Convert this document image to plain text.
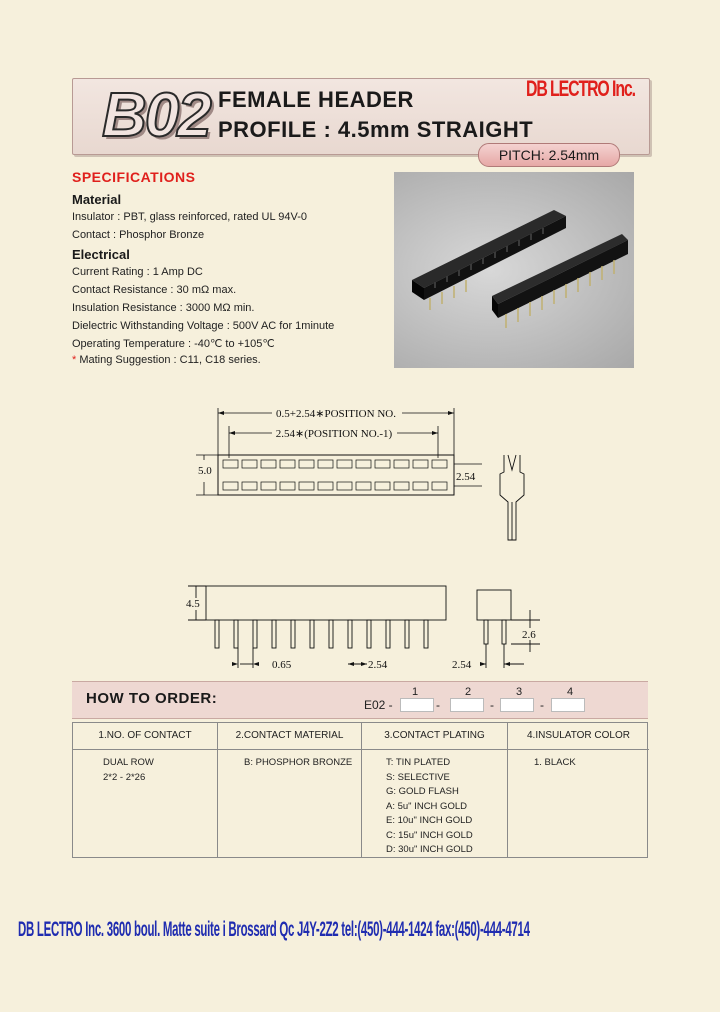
B02 FEMALE HEADER
PROFILE : 4.5mm STRAIGHT
DB LECTRO Inc.
PITCH: 2.54mm
SPECIFICATIONS
Material
Insulator : PBT, glass reinforced, rated UL 94V-0
Contact : Phosphor Bronze
Electrical
Current Rating : 1 Amp DC
Contact Resistance : 30 mΩ max.
Insulation Resistance : 3000 MΩ min.
Dielectric Withstanding Voltage : 500V AC for 1minute
Operating Temperature : -40℃ to +105℃
* Mating Suggestion : C11, C18 series.
0.5+2.54∗POSITION NO.
2.54∗(POSITION NO.-1)
5.0	2.54
4.5
0.65	2.54	2.54
2.6
HOW TO ORDER:	E02 -
1
-
2
-
3
-
4
1.NO. OF CONTACT
DUAL ROW
2*2 - 2*26
2.CONTACT MATERIAL
B: PHOSPHOR BRONZE
3.CONTACT PLATING
T: TIN PLATED
S: SELECTIVE
G: GOLD FLASH
A: 5u" INCH GOLD
E: 10u" INCH GOLD
C: 15u" INCH GOLD
D: 30u" INCH GOLD
4.INSULATOR COLOR
1. BLACK
DB LECTRO Inc. 3600 boul. Matte suite i Brossard Qc J4Y-2Z2 tel:(450)-444-1424 fax:(450)-444-4714
